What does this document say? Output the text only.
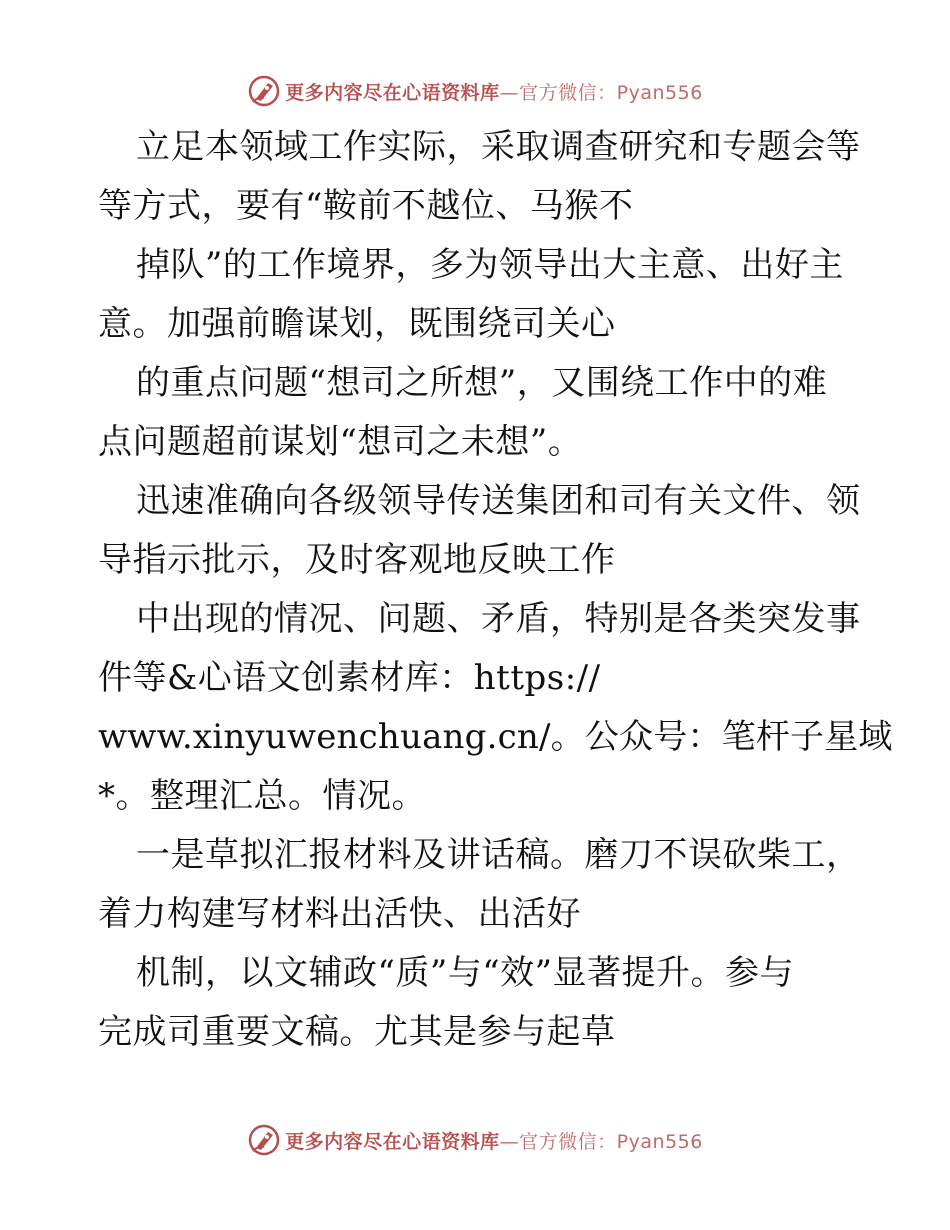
更多内容尽在心语资料库—官方微信：Pyan556
立足本领域工作实际，采取调查研究和专题会等
等方式，要有“鞍前不越位、马猴不
掉队”的工作境界，多为领导出大主意、出好主
意。加强前瞻谋划，既围绕司关心
的重点问题“想司之所想”，又围绕工作中的难
点问题超前谋划“想司之未想”。
迅速准确向各级领导传送集团和司有关文件、领
导指示批示，及时客观地反映工作
中出现的情况、问题、矛盾，特别是各类突发事
件等&心语文创素材库：https://
www.xinyuwenchuang.cn/。公众号：笔杆子星域
*。整理汇总。情况。
一是草拟汇报材料及讲话稿。磨刀不误砍柴工，
着力构建写材料出活快、出活好
机制，以文辅政“质”与“效”显著提升。参与
完成司重要文稿。尤其是参与起草
更多内容尽在心语资料库—官方微信：Pyan556
